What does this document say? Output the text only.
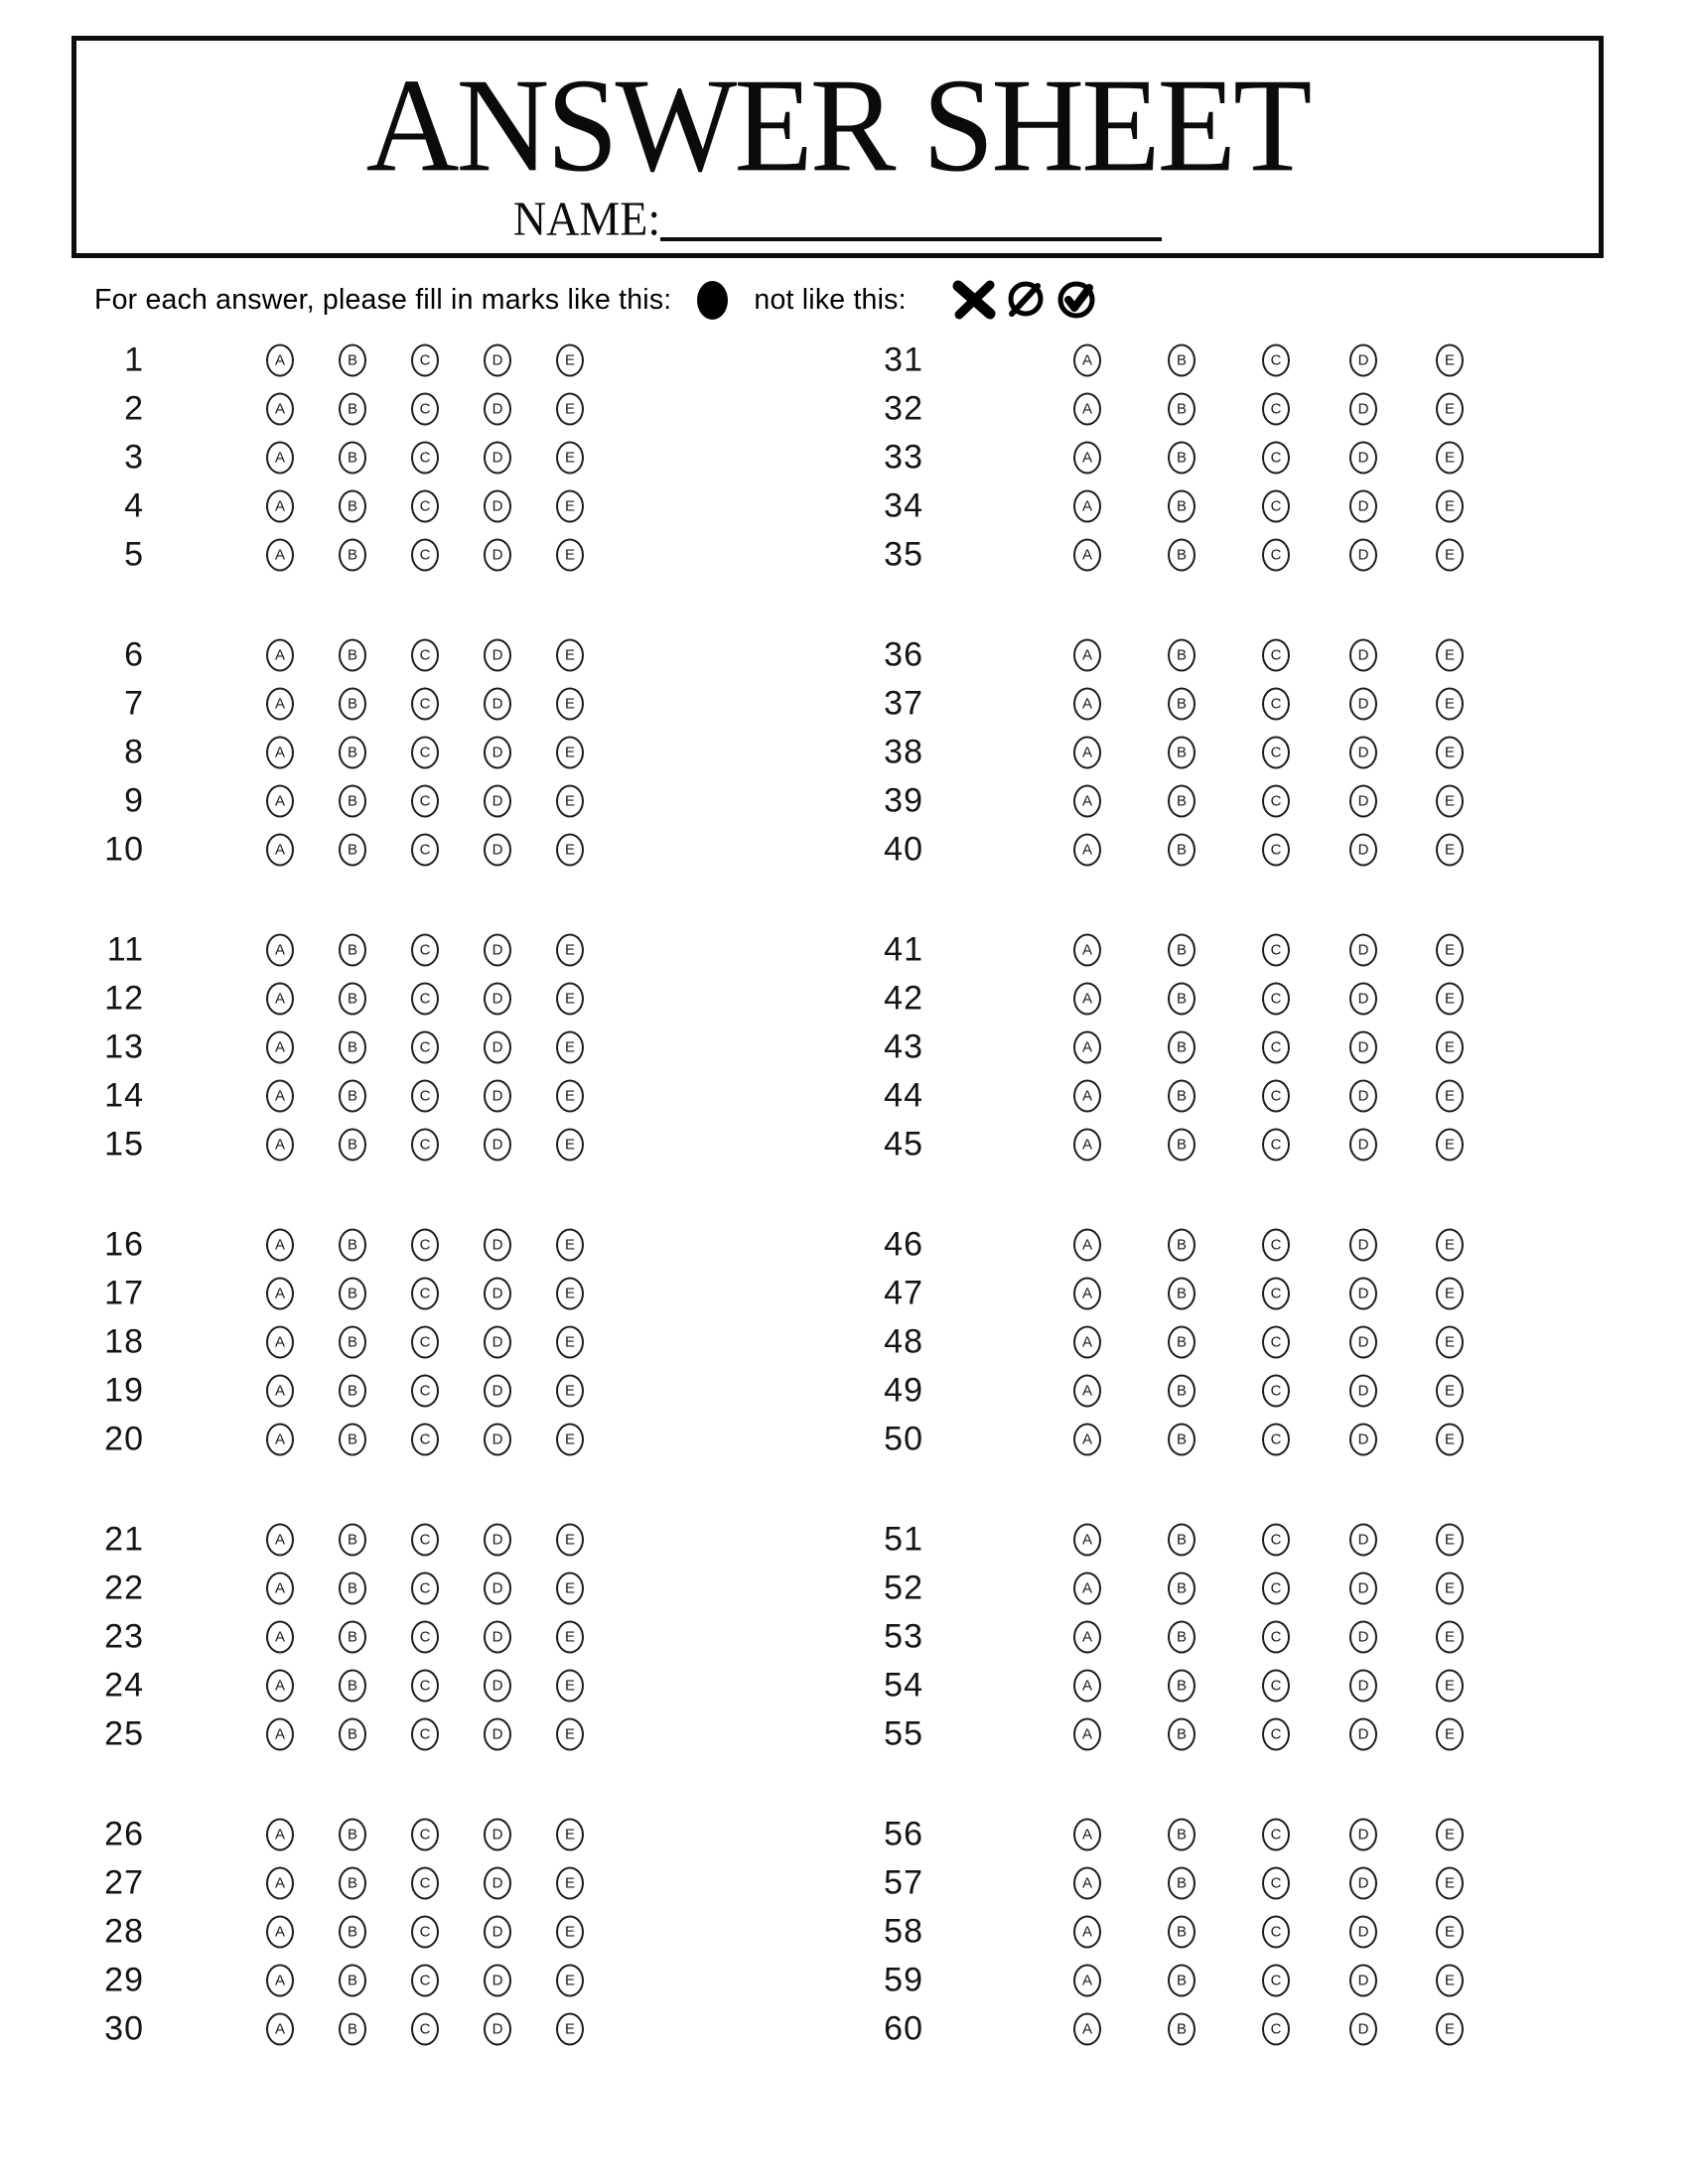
ANSWER SHEET
NAME:
For each answer, please fill in marks like this:	not like this:
1	A	B	C	D	E	31	A	B	C	D	E
2	A	B	C	D	E	32	A	B	C	D	E
3	A	B	C	D	E	33	A	B	C	D	E
4	A	B	C	D	E	34	A	B	C	D	E
5	A	B	C	D	E	35	A	B	C	D	E
6	A	B	C	D	E	36	A	B	C	D	E
7	A	B	C	D	E	37	A	B	C	D	E
8	A	B	C	D	E	38	A	B	C	D	E
9	A	B	C	D	E	39	A	B	C	D	E
10	A	B	C	D	E	40	A	B	C	D	E
11	A	B	C	D	E	41	A	B	C	D	E
12	A	B	C	D	E	42	A	B	C	D	E
13	A	B	C	D	E	43	A	B	C	D	E
14	A	B	C	D	E	44	A	B	C	D	E
15	A	B	C	D	E	45	A	B	C	D	E
16	A	B	C	D	E	46	A	B	C	D	E
17	A	B	C	D	E	47	A	B	C	D	E
18	A	B	C	D	E	48	A	B	C	D	E
19	A	B	C	D	E	49	A	B	C	D	E
20	A	B	C	D	E	50	A	B	C	D	E
21	A	B	C	D	E	51	A	B	C	D	E
22	A	B	C	D	E	52	A	B	C	D	E
23	A	B	C	D	E	53	A	B	C	D	E
24	A	B	C	D	E	54	A	B	C	D	E
25	A	B	C	D	E	55	A	B	C	D	E
26	A	B	C	D	E	56	A	B	C	D	E
27	A	B	C	D	E	57	A	B	C	D	E
28	A	B	C	D	E	58	A	B	C	D	E
29	A	B	C	D	E	59	A	B	C	D	E
30	A	B	C	D	E	60	A	B	C	D	E
